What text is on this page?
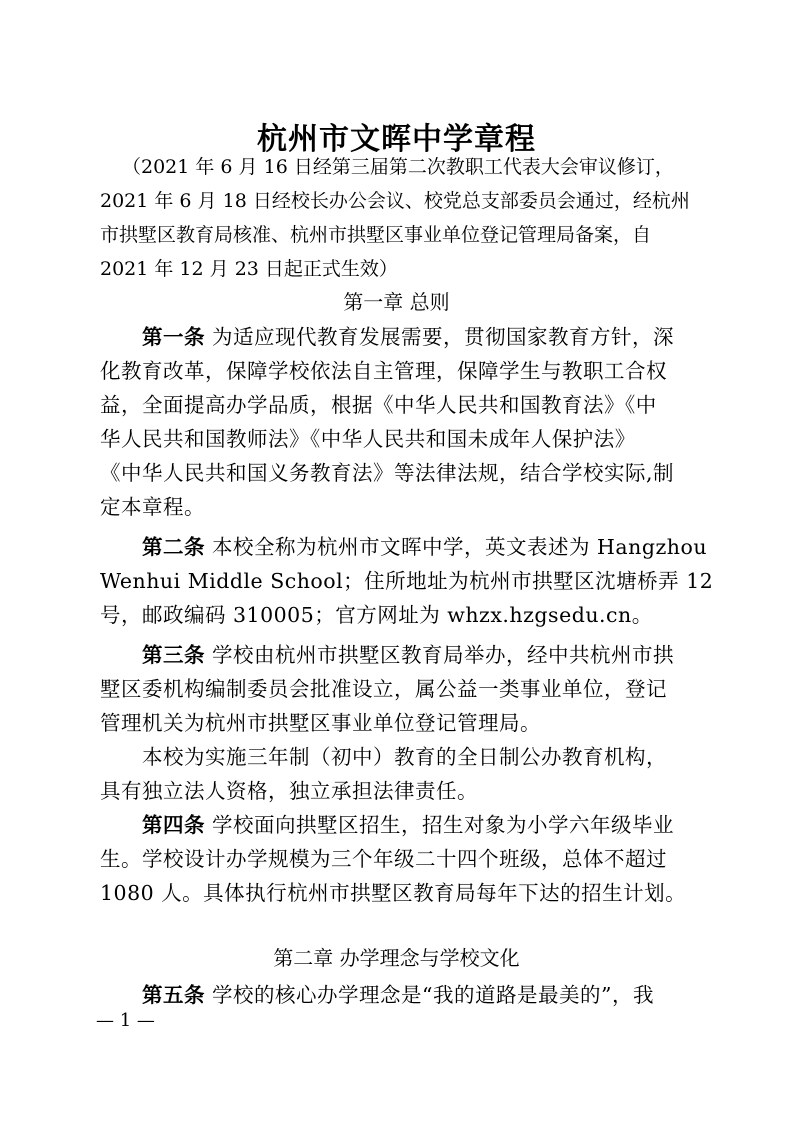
杭州市文晖中学章程
（2021 年 6 月 16 日经第三届第二次教职工代表大会审议修订，
2021 年 6 月 18 日经校长办公会议、校党总支部委员会通过，经杭州
市拱墅区教育局核准、杭州市拱墅区事业单位登记管理局备案，自
2021 年 12 月 23 日起正式生效）
第一章 总则
第一条 为适应现代教育发展需要，贯彻国家教育方针，深
化教育改革，保障学校依法自主管理，保障学生与教职工合权
益，全面提高办学品质，根据《中华人民共和国教育法》《中
华人民共和国教师法》《中华人民共和国未成年人保护法》
《中华人民共和国义务教育法》等法律法规，结合学校实际,制
定本章程。
第二条 本校全称为杭州市文晖中学，英文表述为 Hangzhou
Wenhui Middle School；住所地址为杭州市拱墅区沈塘桥弄 12
号，邮政编码 310005；官方网址为 whzx.hzgsedu.cn。
第三条 学校由杭州市拱墅区教育局举办，经中共杭州市拱
墅区委机构编制委员会批准设立，属公益一类事业单位，登记
管理机关为杭州市拱墅区事业单位登记管理局。
本校为实施三年制（初中）教育的全日制公办教育机构，
具有独立法人资格，独立承担法律责任。
第四条 学校面向拱墅区招生，招生对象为小学六年级毕业
生。学校设计办学规模为三个年级二十四个班级，总体不超过
1080 人。具体执行杭州市拱墅区教育局每年下达的招生计划。
第二章 办学理念与学校文化
第五条 学校的核心办学理念是“我的道路是最美的”，我
— 1 —
